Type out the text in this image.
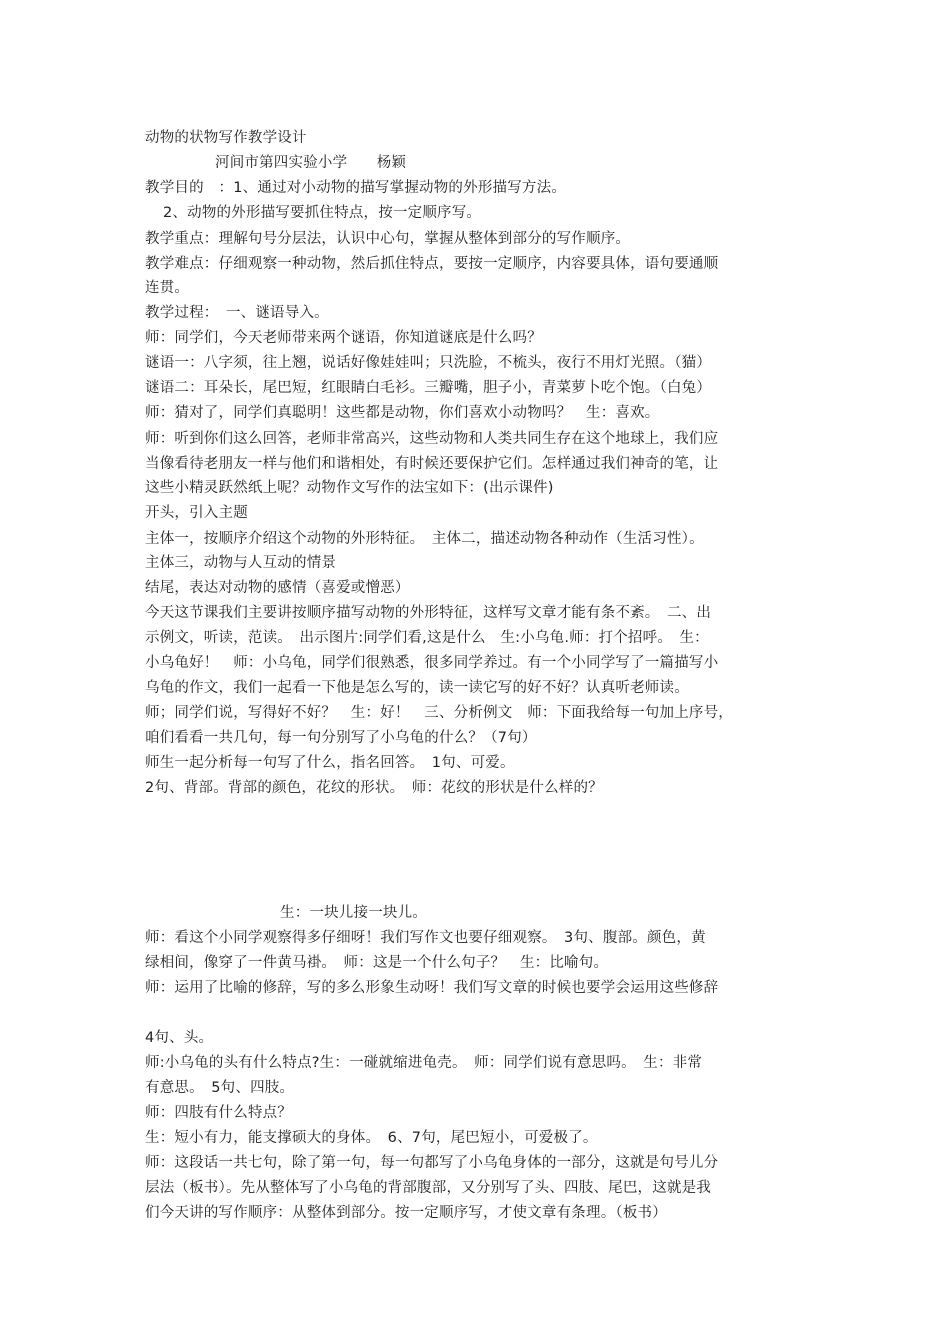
动物的状物写作教学设计
河间市第四实验小学　　杨颖
教学目的　：1、通过对小动物的描写掌握动物的外形描写方法。
2、动物的外形描写要抓住特点，按一定顺序写。
教学重点：理解句号分层法，认识中心句，掌握从整体到部分的写作顺序。
教学难点：仔细观察一种动物，然后抓住特点，要按一定顺序，内容要具体，语句要通顺
连贯。
教学过程：　一、谜语导入。
师：同学们，今天老师带来两个谜语，你知道谜底是什么吗？
谜语一：八字须，往上翘，说话好像娃娃叫；只洗脸，不梳头，夜行不用灯光照。（猫）
谜语二：耳朵长，尾巴短，红眼睛白毛衫。三瓣嘴，胆子小，青菜萝卜吃个饱。（白兔）
师：猜对了，同学们真聪明！这些都是动物，你们喜欢小动物吗？　生：喜欢。
师：听到你们这么回答，老师非常高兴，这些动物和人类共同生存在这个地球上，我们应
当像看待老朋友一样与他们和谐相处，有时候还要保护它们。怎样通过我们神奇的笔，让
这些小精灵跃然纸上呢？动物作文写作的法宝如下：(出示课件)
开头，引入主题
主体一，按顺序介绍这个动物的外形特征。　主体二，描述动物各种动作（生活习性）。
主体三，动物与人互动的情景
结尾，表达对动物的感情（喜爱或憎恶）
今天这节课我们主要讲按顺序描写动物的外形特征，这样写文章才能有条不紊。　二、出
示例文，听读，范读。　出示图片:同学们看,这是什么　生:小乌龟.师：打个招呼。　生：
小乌龟好！　师：小乌龟，同学们很熟悉，很多同学养过。有一个小同学写了一篇描写小
乌龟的作文，我们一起看一下他是怎么写的，读一读它写的好不好？认真听老师读。
师；同学们说，写得好不好？　生：好！　三、分析例文　师：下面我给每一句加上序号，
咱们看看一共几句，每一句分别写了小乌龟的什么？（7句）
师生一起分析每一句写了什么，指名回答。　1句、可爱。
2句、背部。背部的颜色，花纹的形状。　师：花纹的形状是什么样的？
生：一块儿接一块儿。
师：看这个小同学观察得多仔细呀！我们写作文也要仔细观察。　3句、腹部。颜色，黄
绿相间，像穿了一件黄马褂。　师：这是一个什么句子？　生：比喻句。
师：运用了比喻的修辞，写的多么形象生动呀！我们写文章的时候也要学会运用这些修辞
4句、头。
师:小乌龟的头有什么特点?生：一碰就缩进龟壳。　师：同学们说有意思吗。　生：非常
有意思。　5句、四肢。
师：四肢有什么特点？
生：短小有力，能支撑硕大的身体。　6、7句，尾巴短小，可爱极了。
师：这段话一共七句，除了第一句，每一句都写了小乌龟身体的一部分，这就是句号儿分
层法（板书）。先从整体写了小乌龟的背部腹部，又分别写了头、四肢、尾巴，这就是我
们今天讲的写作顺序：从整体到部分。按一定顺序写，才使文章有条理。（板书）
